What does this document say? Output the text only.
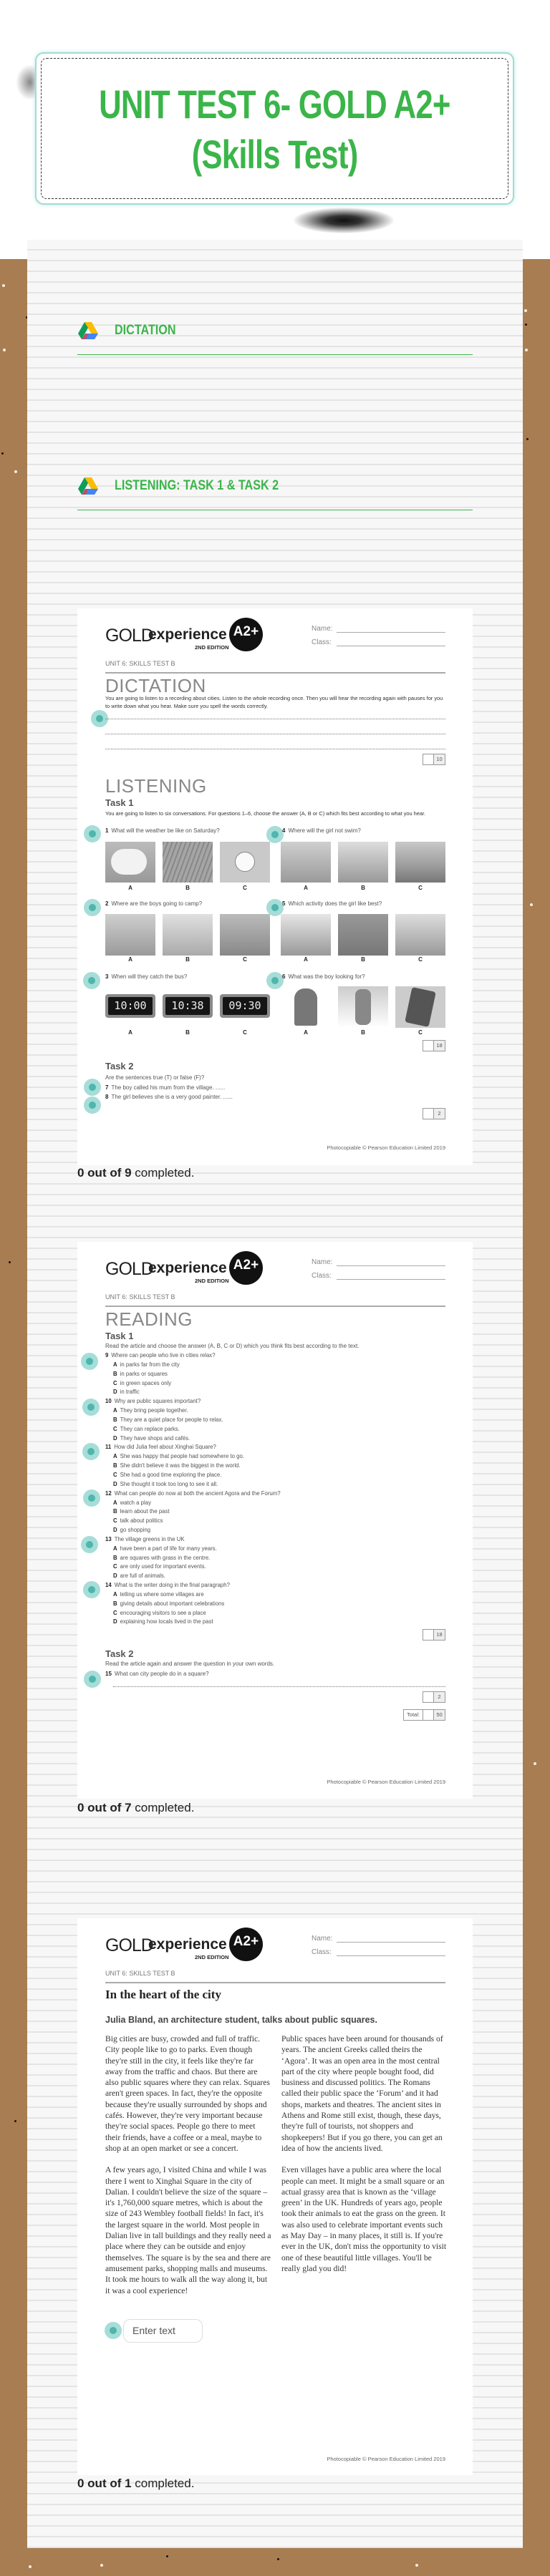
UNIT TEST 6- GOLD A2+
(Skills Test)
DICTATION
LISTENING: TASK 1 & TASK 2
GOLD
experience
2ND EDITION
A2+	Name:
Class:
UNIT 6: SKILLS TEST B
DICTATION
You are going to listen to a recording about cities. Listen to the whole recording once. Then you will hear the recording again with pauses for you to write down what you hear. Make sure you spell the words correctly.
10
LISTENING
Task 1
You are going to listen to six conversations. For questions 1–6, choose the answer (A, B or C) which fits best according to what you hear.
1 What will the weather be like on Saturday?
A	B	C
4 Where will the girl not swim?
A	B	C
2 Where are the boys going to camp?
A	B	C
5 Which activity does the girl like best?
A	B	C
3 When will they catch the bus?
10:00	10:38	09:30
A	B	C
6 What was the boy looking for?
A	B	C
18
Task 2
Are the sentences true (T) or false (F)?
7 The boy called his mum from the village. ......
8 The girl believes she is a very good painter. ......
2
Photocopiable © Pearson Education Limited 2019
0 out of 9 completed.
GOLD
experience
2ND EDITION
A2+	Name:
Class:
UNIT 6: SKILLS TEST B
READING
Task 1
Read the article and choose the answer (A, B, C or D) which you think fits best according to the text.
9 Where can people who live in cities relax?
A in parks far from the city
B in parks or squares
C in green spaces only
D in traffic
10 Why are public squares important?
A They bring people together.
B They are a quiet place for people to relax.
C They can replace parks.
D They have shops and cafés.
11 How did Julia feel about Xinghai Square?
A She was happy that people had somewhere to go.
B She didn't believe it was the biggest in the world.
C She had a good time exploring the place.
D She thought it took too long to see it all.
12 What can people do now at both the ancient Agora and the Forum?
A watch a play
B learn about the past
C talk about politics
D go shopping
13 The village greens in the UK
A have been a part of life for many years.
B are squares with grass in the centre.
C are only used for important events.
D are full of animals.
14 What is the writer doing in the final paragraph?
A telling us where some villages are
B giving details about important celebrations
C encouraging visitors to see a place
D explaining how locals lived in the past
18
Task 2
Read the article again and answer the question in your own words.
15 What can city people do in a square?
2
Total:	50
Photocopiable © Pearson Education Limited 2019
0 out of 7 completed.
GOLD
experience
2ND EDITION
A2+	Name:
Class:
UNIT 6: SKILLS TEST B
In the heart of the city
Julia Bland, an architecture student, talks about public squares.

Big cities are busy, crowded and full of traffic. City people like to go to parks. Even though they're still in the city, it feels like they're far away from the traffic and chaos. But there are also public squares where they can relax. Squares aren't green spaces. In fact, they're the opposite because they're usually surrounded by shops and cafés. However, they're very important because they're social spaces. People go there to meet their friends, have a coffee or a meal, maybe to shop at an open market or see a concert.

A few years ago, I visited China and while I was there I went to Xinghai Square in the city of Dalian. I couldn't believe the size of the square – it's 1,760,000 square metres, which is about the size of 243 Wembley football fields! In fact, it's the largest square in the world. Most people in Dalian live in tall buildings and they really need a place where they can be outside and enjoy themselves. The square is by the sea and there are amusement parks, shopping malls and museums. It took me hours to walk all the way along it, but it was a cool experience!

Public spaces have been around for thousands of years. The ancient Greeks called theirs the ‘Agora’. It was an open area in the most central part of the city where people bought food, did business and discussed politics. The Romans called their public space the ‘Forum’ and it had shops, markets and theatres. The ancient sites in Athens and Rome still exist, though, these days, they're full of tourists, not shoppers and shopkeepers! But if you go there, you can get an idea of how the ancients lived.

Even villages have a public area where the local people can meet. It might be a small square or an actual grassy area that is known as the ‘village green’ in the UK. Hundreds of years ago, people took their animals to eat the grass on the green. It was also used to celebrate important events such as May Day – in many places, it still is. If you're ever in the UK, don't miss the opportunity to visit one of these beautiful little villages. You'll be really glad you did!

Enter text
Photocopiable © Pearson Education Limited 2019
0 out of 1 completed.
